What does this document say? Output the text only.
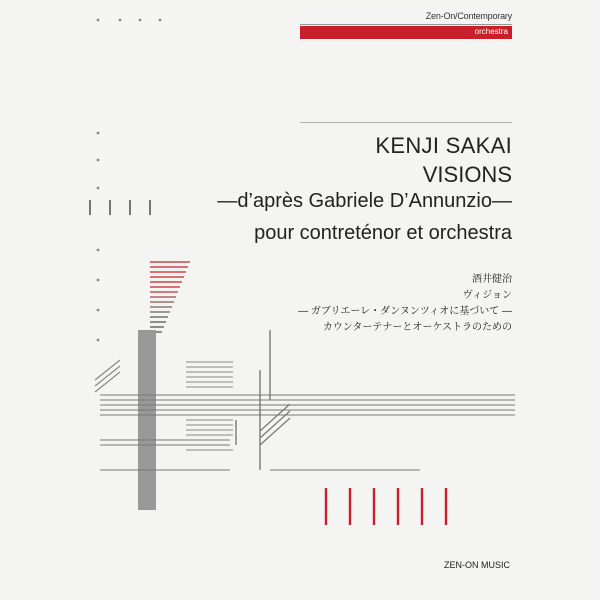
Zen-On/Contemporary
orchestra
KENJI SAKAI
VISIONS
—d’après Gabriele D’Annunzio—
pour contreténor et orchestra
酒井健治
ヴィジョン
— ガブリエーレ・ダンヌンツィオに基づいて —
カウンターテナーとオーケストラのための
ZEN-ON MUSIC
